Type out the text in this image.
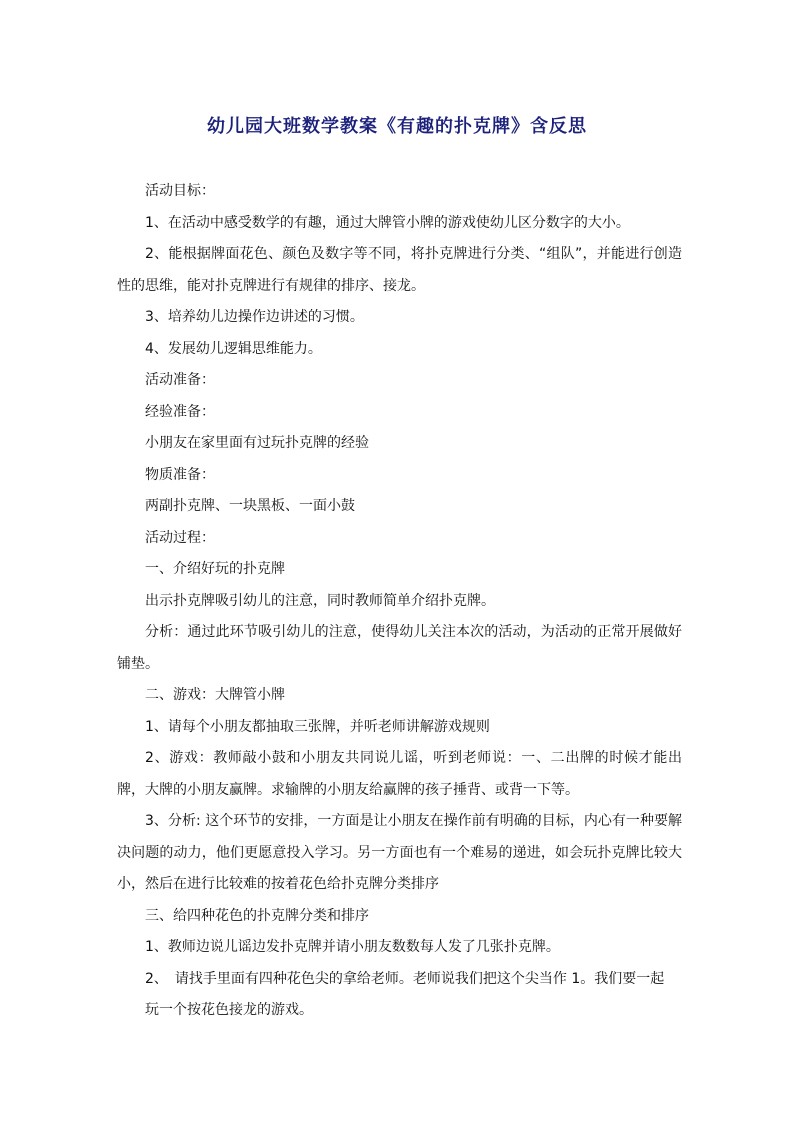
幼儿园大班数学教案《有趣的扑克牌》含反思

活动目标：

1、在活动中感受数学的有趣，通过大牌管小牌的游戏使幼儿区分数字的大小。

2、能根据牌面花色、颜色及数字等不同，将扑克牌进行分类、“组队”，并能进行创造性的思维，能对扑克牌进行有规律的排序、接龙。

3、培养幼儿边操作边讲述的习惯。

4、发展幼儿逻辑思维能力。

活动准备：

经验准备：

小朋友在家里面有过玩扑克牌的经验

物质准备：

两副扑克牌、一块黑板、一面小鼓

活动过程：

一、介绍好玩的扑克牌

出示扑克牌吸引幼儿的注意，同时教师简单介绍扑克牌。

分析：通过此环节吸引幼儿的注意，使得幼儿关注本次的活动，为活动的正常开展做好铺垫。

二、游戏：大牌管小牌

1、请每个小朋友都抽取三张牌，并听老师讲解游戏规则

2、游戏：教师敲小鼓和小朋友共同说儿谣，听到老师说：一、二出牌的时候才能出牌，大牌的小朋友赢牌。求输牌的小朋友给赢牌的孩子捶背、或背一下等。

3、分析: 这个环节的安排，一方面是让小朋友在操作前有明确的目标，内心有一种要解决问题的动力，他们更愿意投入学习。另一方面也有一个难易的递进，如会玩扑克牌比较大小，然后在进行比较难的按着花色给扑克牌分类排序

三、给四种花色的扑克牌分类和排序

1、教师边说儿谣边发扑克牌并请小朋友数数每人发了几张扑克牌。

2、　请找手里面有四种花色尖的拿给老师。老师说我们把这个尖当作 1。我们要一起

玩一个按花色接龙的游戏。
